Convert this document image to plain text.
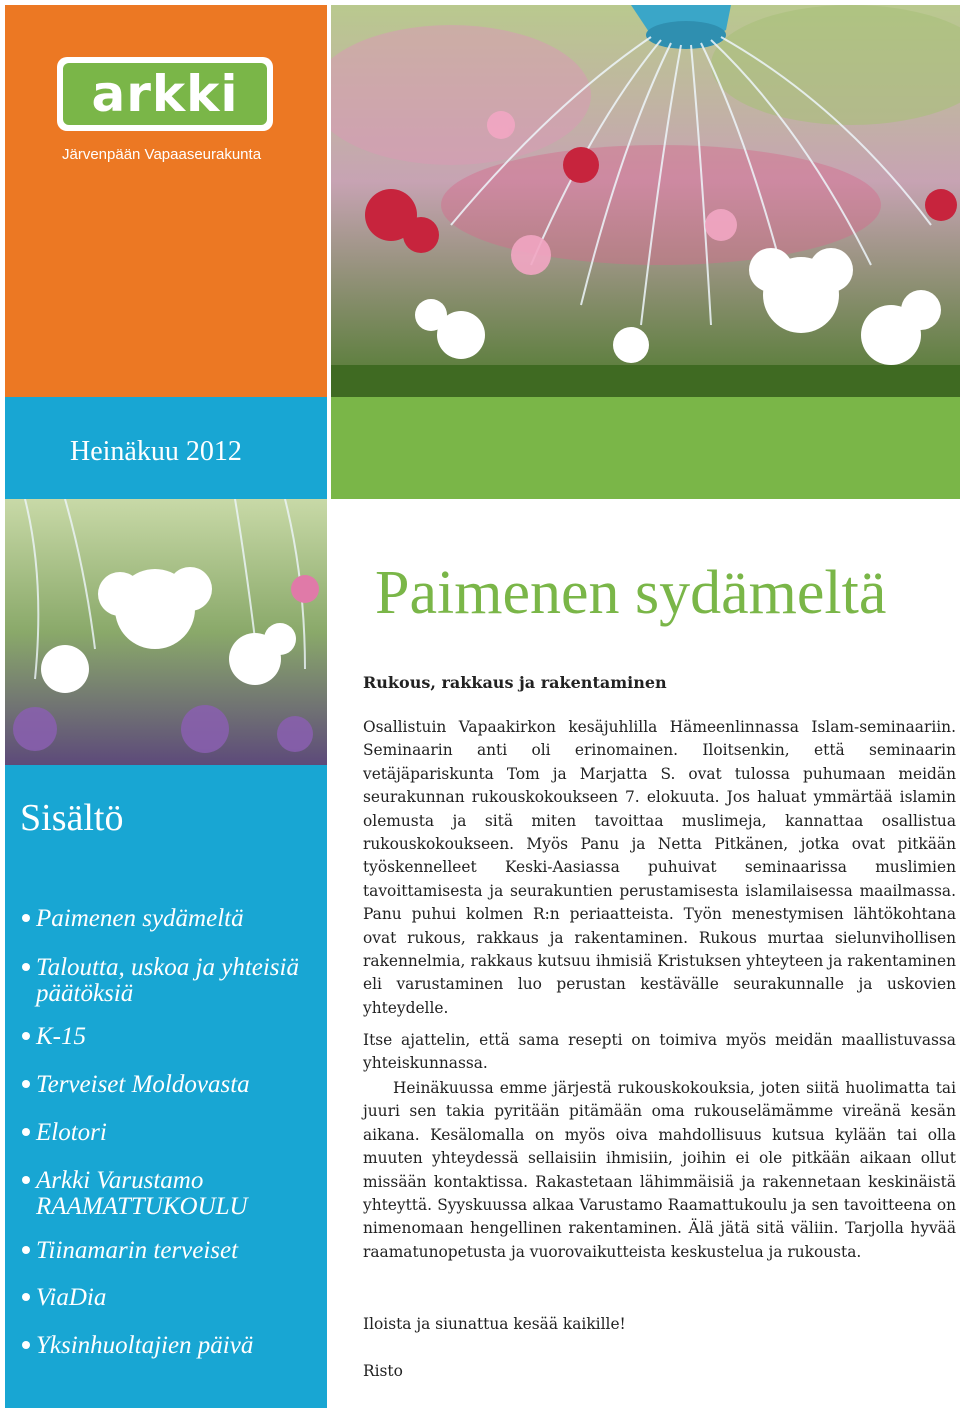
arkki
Järvenpään Vapaaseurakunta
Heinäkuu 2012
Sisältö
Paimenen sydämeltä
Taloutta, uskoa ja yhteisiä päätöksiä
K-15
Terveiset Moldovasta
Elotori
Arkki Varustamo RAAMATTUKOULU
Tiinamarin terveiset
ViaDia
Yksinhuoltajien päivä
Paimenen sydämeltä
Rukous, rakkaus ja rakentaminen

Osallistuin Vapaakirkon kesäjuhlilla Hämeenlinnassa Islam-seminaariin. Seminaarin anti oli erinomainen. Iloitsenkin, että seminaarin vetäjäpariskunta Tom ja Marjatta S. ovat tulossa puhumaan meidän seurakunnan rukouskokoukseen 7. elokuuta. Jos haluat ymmärtää islamin olemusta ja sitä miten tavoittaa muslimeja, kannattaa osallistua rukouskokoukseen. Myös Panu ja Netta Pitkänen, jotka ovat pitkään työskennelleet Keski-Aasiassa puhuivat seminaarissa muslimien tavoittamisesta ja seurakuntien perustamisesta islamilaisessa maailmassa. Panu puhui kolmen R:n periaatteista. Työn menestymisen lähtökohtana ovat rukous, rakkaus ja rakentaminen. Rukous murtaa sielunvihollisen rakennelmia, rakkaus kutsuu ihmisiä Kristuksen yhteyteen ja rakentaminen eli varustaminen luo perustan kestävälle seurakunnalle ja uskovien yhteydelle.

Itse ajattelin, että sama resepti on toimiva myös meidän maallistuvassa yhteiskunnassa.

Heinäkuussa emme järjestä rukouskokouksia, joten siitä huolimatta tai juuri sen takia pyritään pitämään oma rukouselämämme vireänä kesän aikana. Kesälomalla on myös oiva mahdollisuus kutsua kylään tai olla muuten yhteydessä sellaisiin ihmisiin, joihin ei ole pitkään aikaan ollut missään kontaktissa. Rakastetaan lähimmäisiä ja rakennetaan keskinäistä yhteyttä. Syyskuussa alkaa Varustamo Raamattukoulu ja sen tavoitteena on nimenomaan hengellinen rakentaminen. Älä jätä sitä väliin. Tarjolla hyvää raamatunopetusta ja vuorovaikutteista keskustelua ja rukousta.

Iloista ja siunattua kesää kaikille!

Risto
